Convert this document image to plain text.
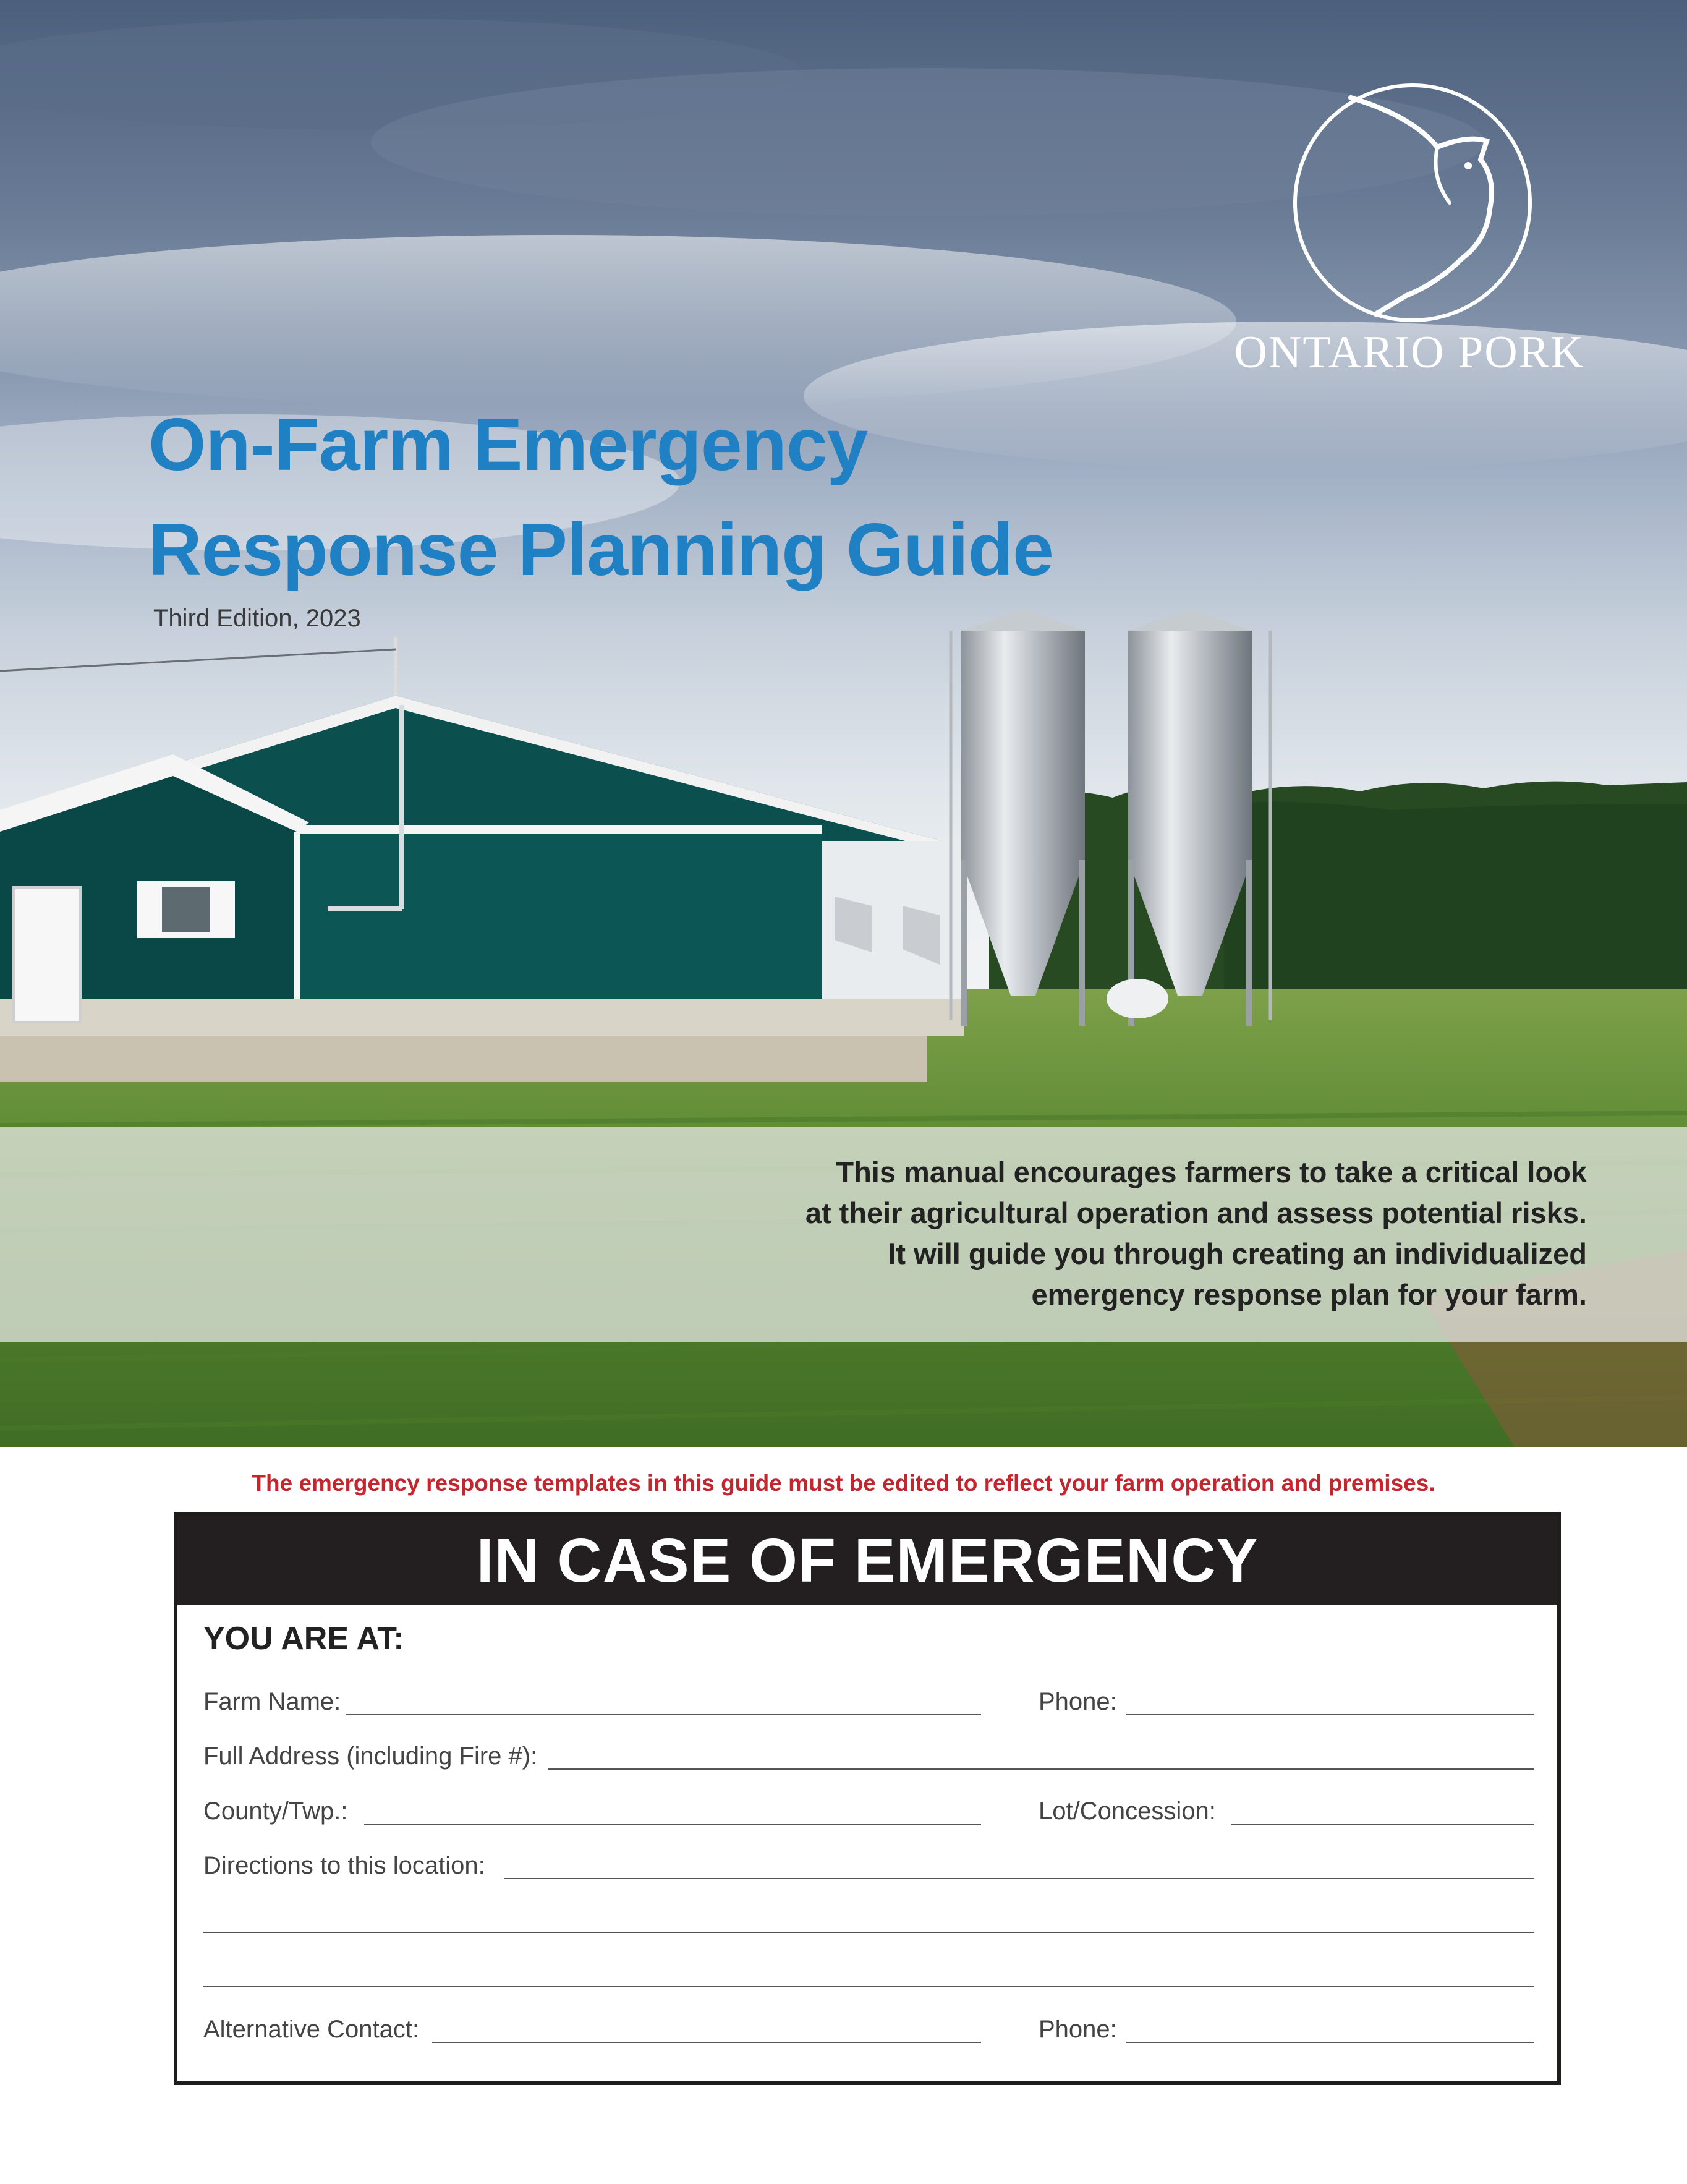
ONTARIO PORK
On-Farm Emergency
Response Planning Guide
Third Edition, 2023
This manual encourages farmers to take a critical look
at their agricultural operation and assess potential risks.
It will guide you through creating an individualized
emergency response plan for your farm.
The emergency response templates in this guide must be edited to reflect your farm operation and premises.
IN CASE OF EMERGENCY
YOU ARE AT:
Farm Name:	Phone:
Full Address (including Fire #):
County/Twp.:	Lot/Concession:
Directions to this location:
Alternative Contact:	Phone:
